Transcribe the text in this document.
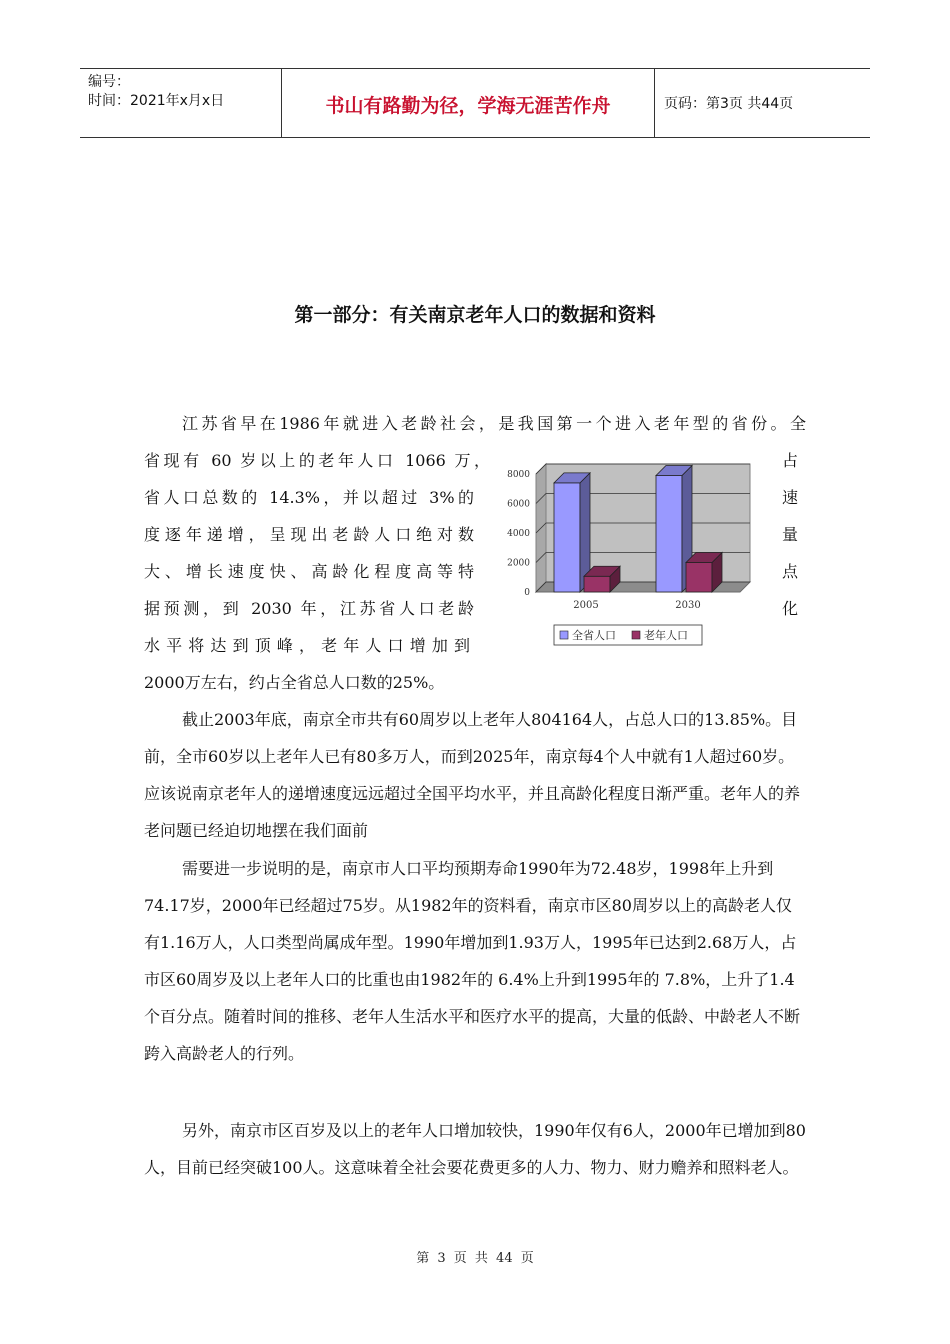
编号：
时间：2021年x月x日	书山有路勤为径，学海无涯苦作舟	页码：第3页 共44页
第一部分：有关南京老年人口的数据和资料
江苏省早在1986年就进入老龄社会，是我国第一个进入老年型的省份。全
省现有 60 岁以上的老年人口 1066 万，
省人口总数的 14.3%，并以超过 3%的
度逐年递增，呈现出老龄人口绝对数
大、增长速度快、高龄化程度高等特
据预测，到 2030 年，江苏省人口老龄
水平将达到顶峰，老年人口增加到
占
速
量
点
化
2000万左右，约占全省总人口数的25%。
0
2000
4000
6000
8000
2005	2030
全省人口	老年人口

截止2003年底，南京全市共有60周岁以上老年人804164人，占总人口的13.85%。目前，全市60岁以上老年人已有80多万人，而到2025年，南京每4个人中就有1人超过60岁。应该说南京老年人的递增速度远远超过全国平均水平，并且高龄化程度日渐严重。老年人的养老问题已经迫切地摆在我们面前

需要进一步说明的是，南京市人口平均预期寿命1990年为72.48岁，1998年上升到74.17岁，2000年已经超过75岁。从1982年的资料看，南京市区80周岁以上的高龄老人仅有1.16万人，人口类型尚属成年型。1990年增加到1.93万人，1995年已达到2.68万人，占市区60周岁及以上老年人口的比重也由1982年的 6.4%上升到1995年的 7.8%，上升了1.4个百分点。随着时间的推移、老年人生活水平和医疗水平的提高，大量的低龄、中龄老人不断跨入高龄老人的行列。

另外，南京市区百岁及以上的老年人口增加较快，1990年仅有6人，2000年已增加到80人，目前已经突破100人。这意味着全社会要花费更多的人力、物力、财力赡养和照料老人。

第 3 页 共 44 页
